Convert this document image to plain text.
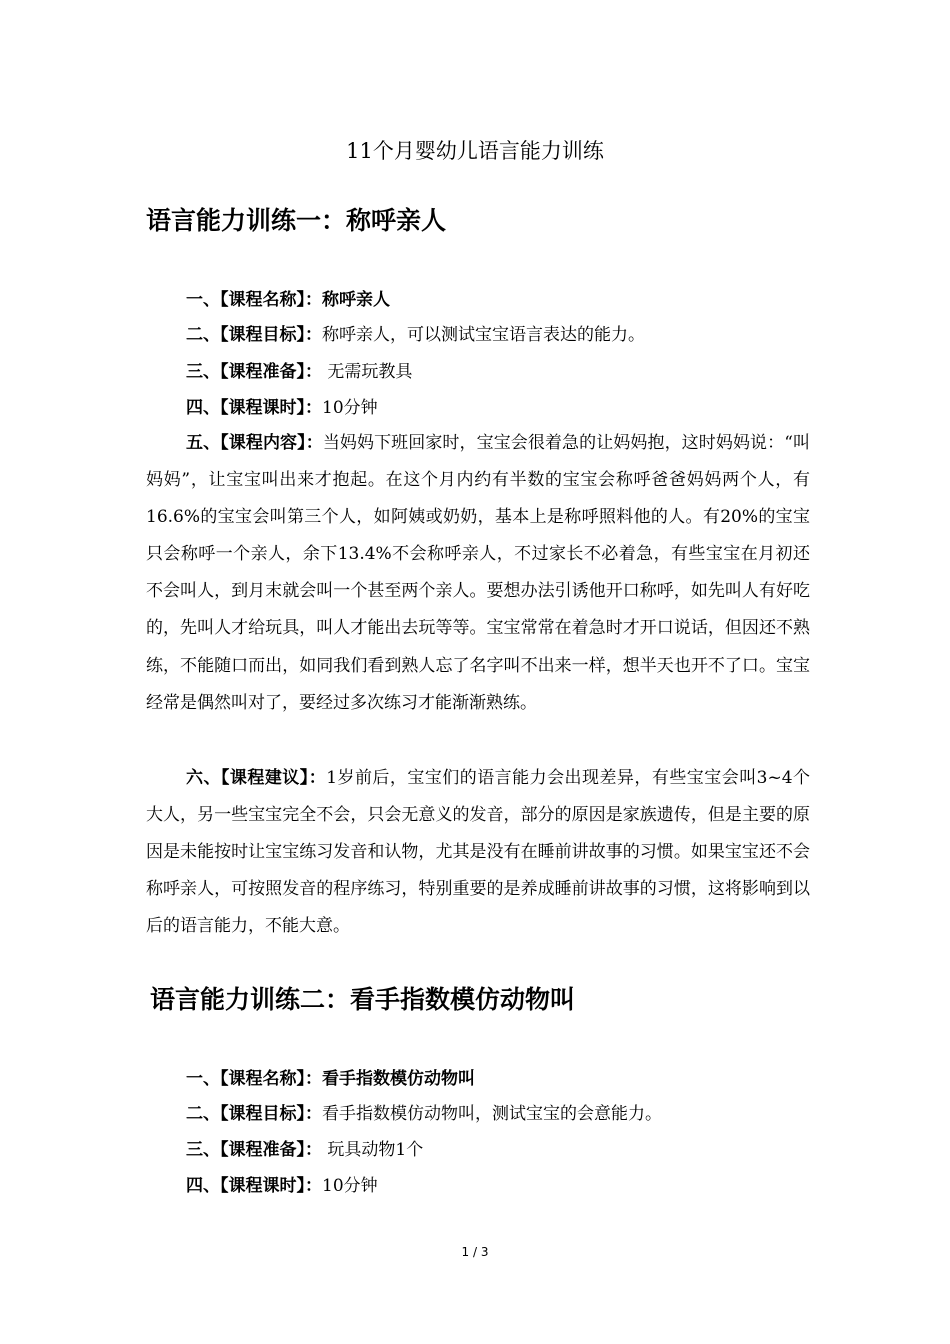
11个月婴幼儿语言能力训练
语言能力训练一：称呼亲人
一、【课程名称】：称呼亲人
二、【课程目标】：称呼亲人，可以测试宝宝语言表达的能力。
三、【课程准备】： 无需玩教具
四、【课程课时】：10分钟
五、【课程内容】：当妈妈下班回家时，宝宝会很着急的让妈妈抱，这时妈妈说：“叫妈妈”，让宝宝叫出来才抱起。在这个月内约有半数的宝宝会称呼爸爸妈妈两个人，有16.6%的宝宝会叫第三个人，如阿姨或奶奶，基本上是称呼照料他的人。有20%的宝宝只会称呼一个亲人，余下13.4%不会称呼亲人，不过家长不必着急，有些宝宝在月初还不会叫人，到月末就会叫一个甚至两个亲人。要想办法引诱他开口称呼，如先叫人有好吃的，先叫人才给玩具，叫人才能出去玩等等。宝宝常常在着急时才开口说话，但因还不熟练，不能随口而出，如同我们看到熟人忘了名字叫不出来一样，想半天也开不了口。宝宝经常是偶然叫对了，要经过多次练习才能渐渐熟练。
六、【课程建议】：1岁前后，宝宝们的语言能力会出现差异，有些宝宝会叫3~4个大人，另一些宝宝完全不会，只会无意义的发音，部分的原因是家族遗传，但是主要的原因是未能按时让宝宝练习发音和认物，尤其是没有在睡前讲故事的习惯。如果宝宝还不会称呼亲人，可按照发音的程序练习，特别重要的是养成睡前讲故事的习惯，这将影响到以后的语言能力，不能大意。
语言能力训练二：看手指数模仿动物叫
一、【课程名称】：看手指数模仿动物叫
二、【课程目标】：看手指数模仿动物叫，测试宝宝的会意能力。
三、【课程准备】： 玩具动物1个
四、【课程课时】：10分钟
1 / 3
